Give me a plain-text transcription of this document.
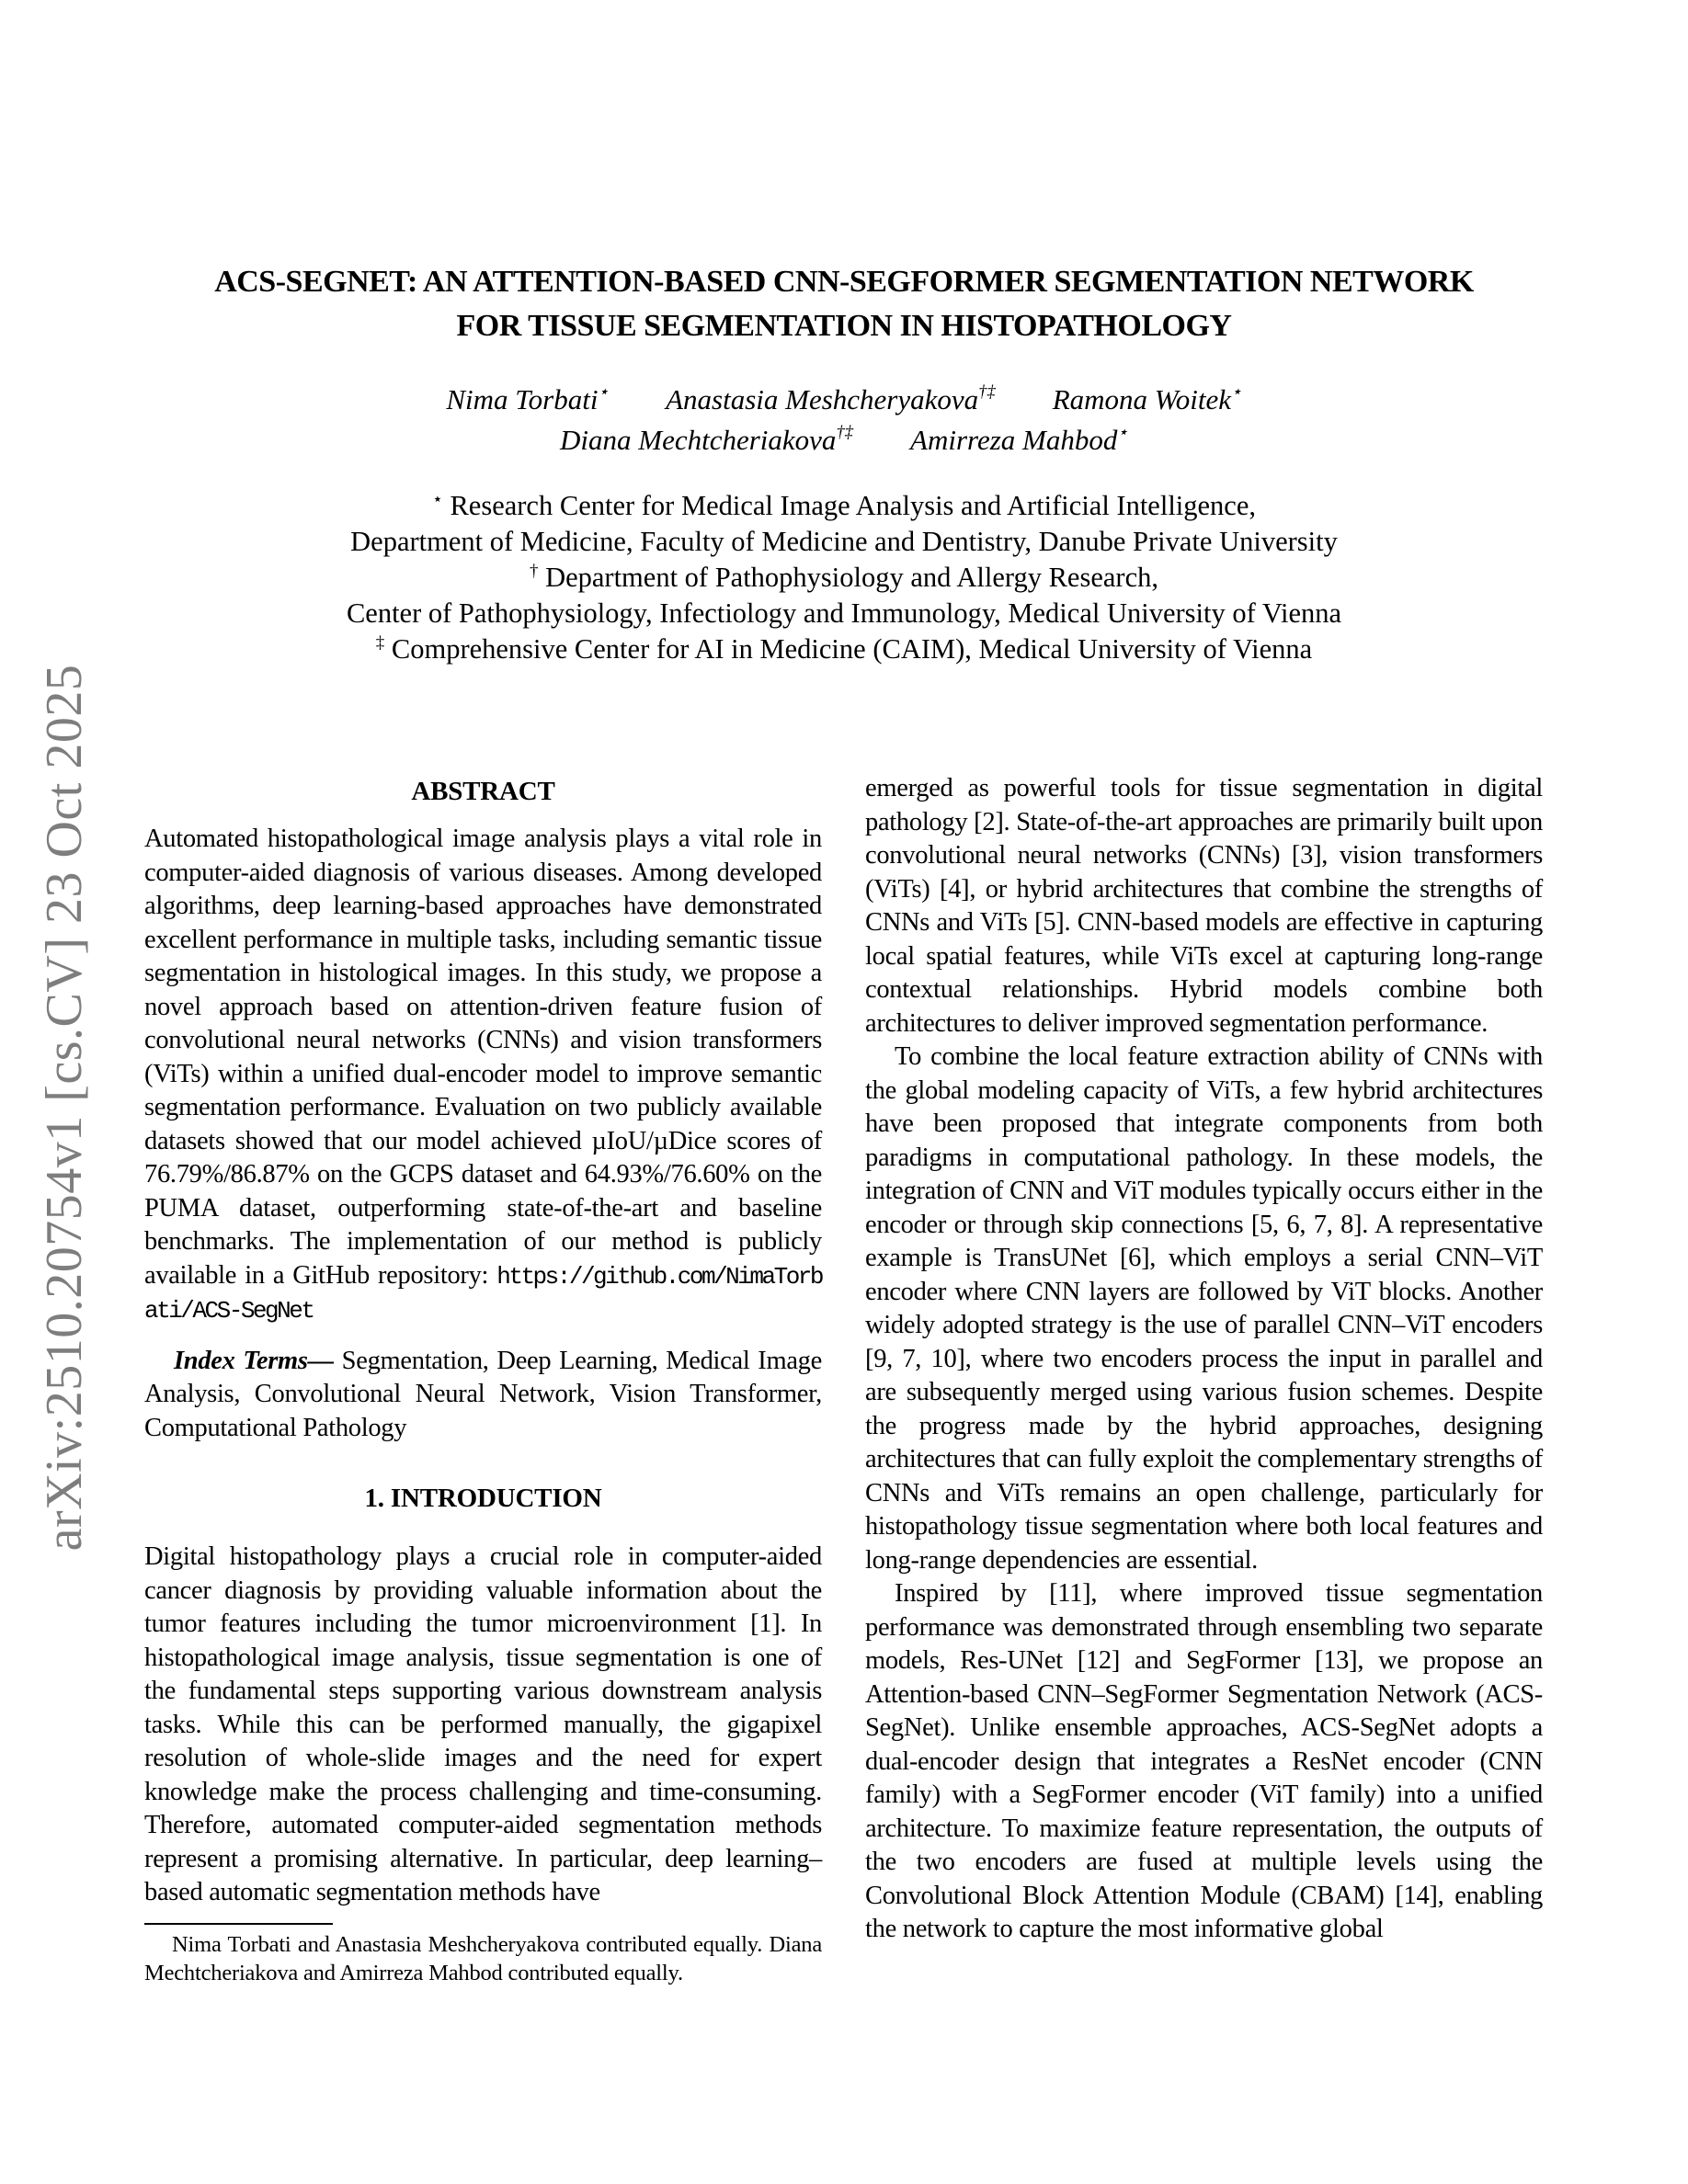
arXiv:2510.20754v1 [cs.CV] 23 Oct 2025
ACS-SEGNET: AN ATTENTION-BASED CNN-SEGFORMER SEGMENTATION NETWORK
FOR TISSUE SEGMENTATION IN HISTOPATHOLOGY
Nima Torbati⋆ Anastasia Meshcheryakova†‡ Ramona Woitek⋆
Diana Mechtcheriakova†‡ Amirreza Mahbod⋆
⋆ Research Center for Medical Image Analysis and Artificial Intelligence,
Department of Medicine, Faculty of Medicine and Dentistry, Danube Private University
† Department of Pathophysiology and Allergy Research,
Center of Pathophysiology, Infectiology and Immunology, Medical University of Vienna
‡ Comprehensive Center for AI in Medicine (CAIM), Medical University of Vienna
ABSTRACT

Automated histopathological image analysis plays a vital role in computer-aided diagnosis of various diseases. Among developed algorithms, deep learning-based approaches have demonstrated excellent performance in multiple tasks, including semantic tissue segmentation in histological images. In this study, we propose a novel approach based on attention-driven feature fusion of convolutional neural networks (CNNs) and vision transformers (ViTs) within a unified dual-encoder model to improve semantic segmentation performance. Evaluation on two publicly available datasets showed that our model achieved µIoU/µDice scores of 76.79%/86.87% on the GCPS dataset and 64.93%/76.60% on the PUMA dataset, outperforming state-of-the-art and baseline benchmarks. The implementation of our method is publicly available in a GitHub repository: https://github.com/NimaTorbati/ACS-SegNet

Index Terms— Segmentation, Deep Learning, Medical Image Analysis, Convolutional Neural Network, Vision Transformer, Computational Pathology

1. INTRODUCTION

Digital histopathology plays a crucial role in computer-aided cancer diagnosis by providing valuable information about the tumor features including the tumor microenvironment [1]. In histopathological image analysis, tissue segmentation is one of the fundamental steps supporting various downstream analysis tasks. While this can be performed manually, the gigapixel resolution of whole-slide images and the need for expert knowledge make the process challenging and time-consuming. Therefore, automated computer-aided segmentation methods represent a promising alternative. In particular, deep learning–based automatic segmentation methods have

Nima Torbati and Anastasia Meshcheryakova contributed equally. Diana Mechtcheriakova and Amirreza Mahbod contributed equally.

emerged as powerful tools for tissue segmentation in digital pathology [2]. State-of-the-art approaches are primarily built upon convolutional neural networks (CNNs) [3], vision transformers (ViTs) [4], or hybrid architectures that combine the strengths of CNNs and ViTs [5]. CNN-based models are effective in capturing local spatial features, while ViTs excel at capturing long-range contextual relationships. Hybrid models combine both architectures to deliver improved segmentation performance.

To combine the local feature extraction ability of CNNs with the global modeling capacity of ViTs, a few hybrid architectures have been proposed that integrate components from both paradigms in computational pathology. In these models, the integration of CNN and ViT modules typically occurs either in the encoder or through skip connections [5, 6, 7, 8]. A representative example is TransUNet [6], which employs a serial CNN–ViT encoder where CNN layers are followed by ViT blocks. Another widely adopted strategy is the use of parallel CNN–ViT encoders [9, 7, 10], where two encoders process the input in parallel and are subsequently merged using various fusion schemes. Despite the progress made by the hybrid approaches, designing architectures that can fully exploit the complementary strengths of CNNs and ViTs remains an open challenge, particularly for histopathology tissue segmentation where both local features and long-range dependencies are essential.

Inspired by [11], where improved tissue segmentation performance was demonstrated through ensembling two separate models, Res-UNet [12] and SegFormer [13], we propose an Attention-based CNN–SegFormer Segmentation Network (ACS-SegNet). Unlike ensemble approaches, ACS-SegNet adopts a dual-encoder design that integrates a ResNet encoder (CNN family) with a SegFormer encoder (ViT family) into a unified architecture. To maximize feature representation, the outputs of the two encoders are fused at multiple levels using the Convolutional Block Attention Module (CBAM) [14], enabling the network to capture the most informative global
